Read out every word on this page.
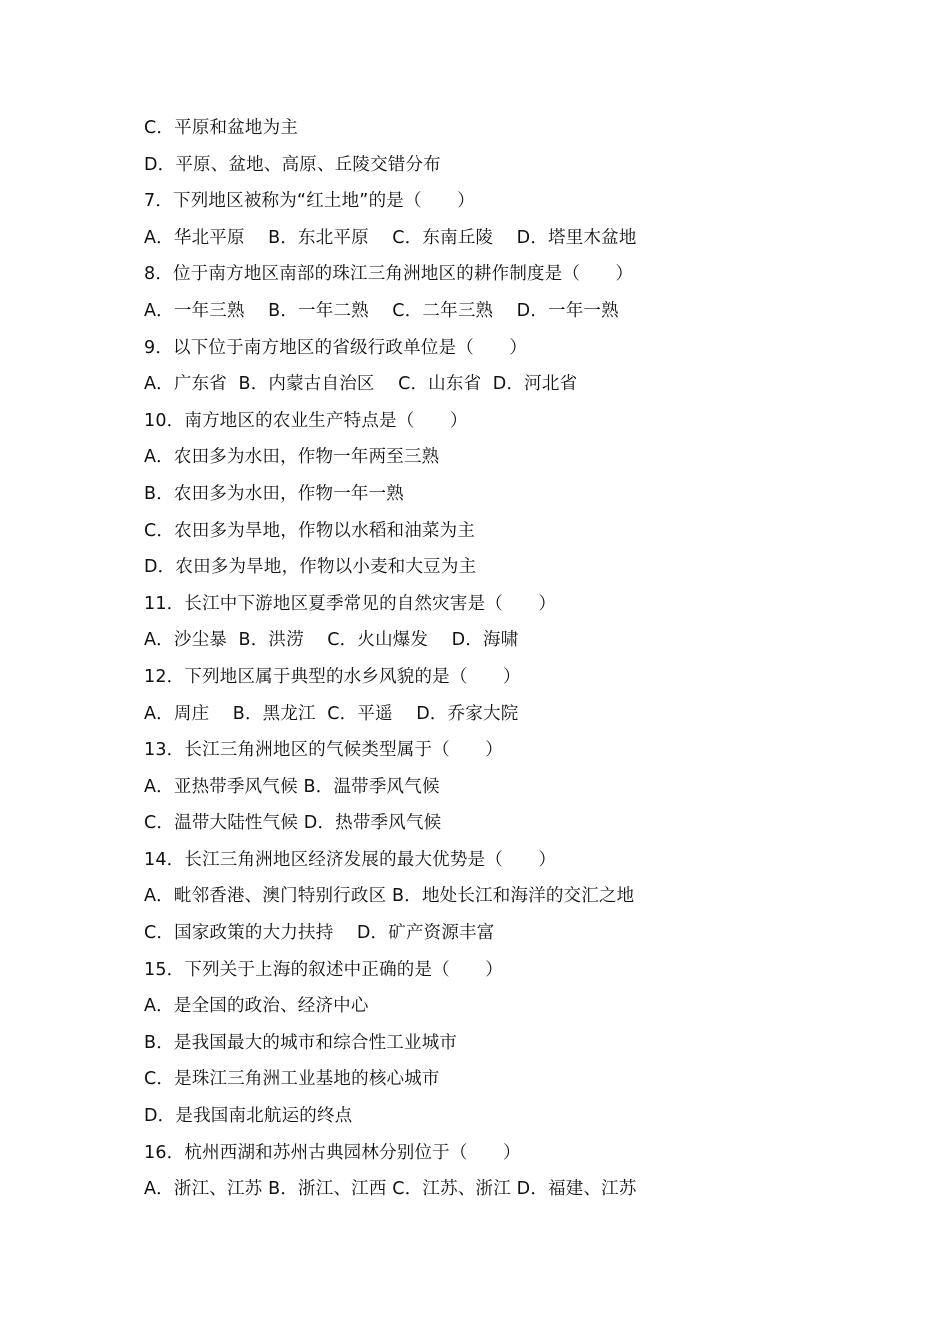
C．平原和盆地为主
D．平原、盆地、高原、丘陵交错分布
7．下列地区被称为“红土地”的是（　　）
A．华北平原　 B．东北平原　 C．东南丘陵　 D．塔里木盆地
8．位于南方地区南部的珠江三角洲地区的耕作制度是（　　）
A．一年三熟　 B．一年二熟　 C．二年三熟　 D．一年一熟
9．以下位于南方地区的省级行政单位是（　　）
A．广东省  B．内蒙古自治区　 C．山东省  D．河北省
10．南方地区的农业生产特点是（　　）
A．农田多为水田，作物一年两至三熟
B．农田多为水田，作物一年一熟
C．农田多为旱地，作物以水稻和油菜为主
D．农田多为旱地，作物以小麦和大豆为主
11．长江中下游地区夏季常见的自然灾害是（　　）
A．沙尘暴  B．洪涝　 C．火山爆发　 D．海啸
12．下列地区属于典型的水乡风貌的是（　　）
A．周庄　 B．黑龙江  C．平遥　 D．乔家大院
13．长江三角洲地区的气候类型属于（　　）
A．亚热带季风气候 B．温带季风气候
C．温带大陆性气候 D．热带季风气候
14．长江三角洲地区经济发展的最大优势是（　　）
A．毗邻香港、澳门特别行政区 B．地处长江和海洋的交汇之地
C．国家政策的大力扶持　 D．矿产资源丰富
15．下列关于上海的叙述中正确的是（　　）
A．是全国的政治、经济中心
B．是我国最大的城市和综合性工业城市
C．是珠江三角洲工业基地的核心城市
D．是我国南北航运的终点
16．杭州西湖和苏州古典园林分别位于（　　）
A．浙江、江苏 B．浙江、江西 C．江苏、浙江 D．福建、江苏
